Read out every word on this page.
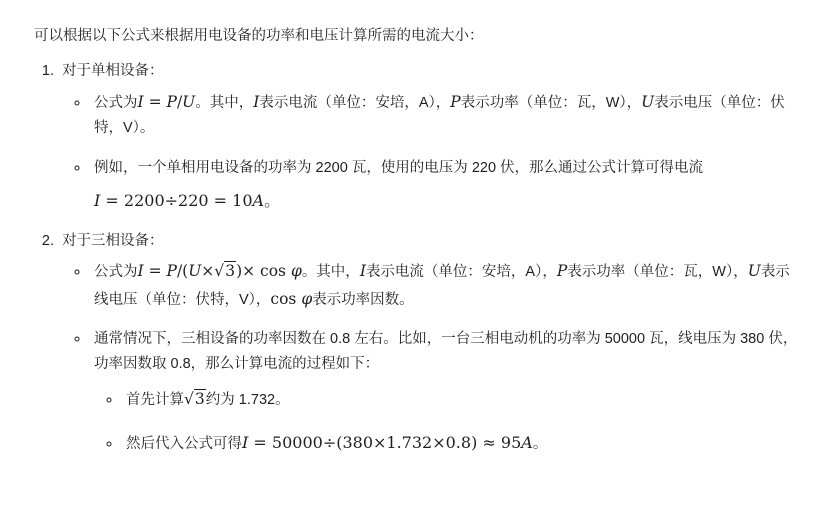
可以根据以下公式来根据用电设备的功率和电压计算所需的电流大小：

1. 对于单相设备：
◦ 公式为I = P/U。其中，I表示电流（单位：安培，A），P表示功率（单位：瓦，W），U表示电压（单位：伏特，V）。
◦ 例如，一个单相用电设备的功率为 2200 瓦，使用的电压为 220 伏，那么通过公式计算可得电流
I = 2200÷220 = 10A。
2. 对于三相设备：
◦ 公式为I = P/(U×√3)× cos φ。其中，I表示电流（单位：安培，A），P表示功率（单位：瓦，W），U表示线电压（单位：伏特，V），cos φ表示功率因数。
◦ 通常情况下，三相设备的功率因数在 0.8 左右。比如，一台三相电动机的功率为 50000 瓦，线电压为 380 伏，功率因数取 0.8，那么计算电流的过程如下：
◦ 首先计算√3约为 1.732。
◦ 然后代入公式可得I = 50000÷(380×1.732×0.8) ≈ 95A。
